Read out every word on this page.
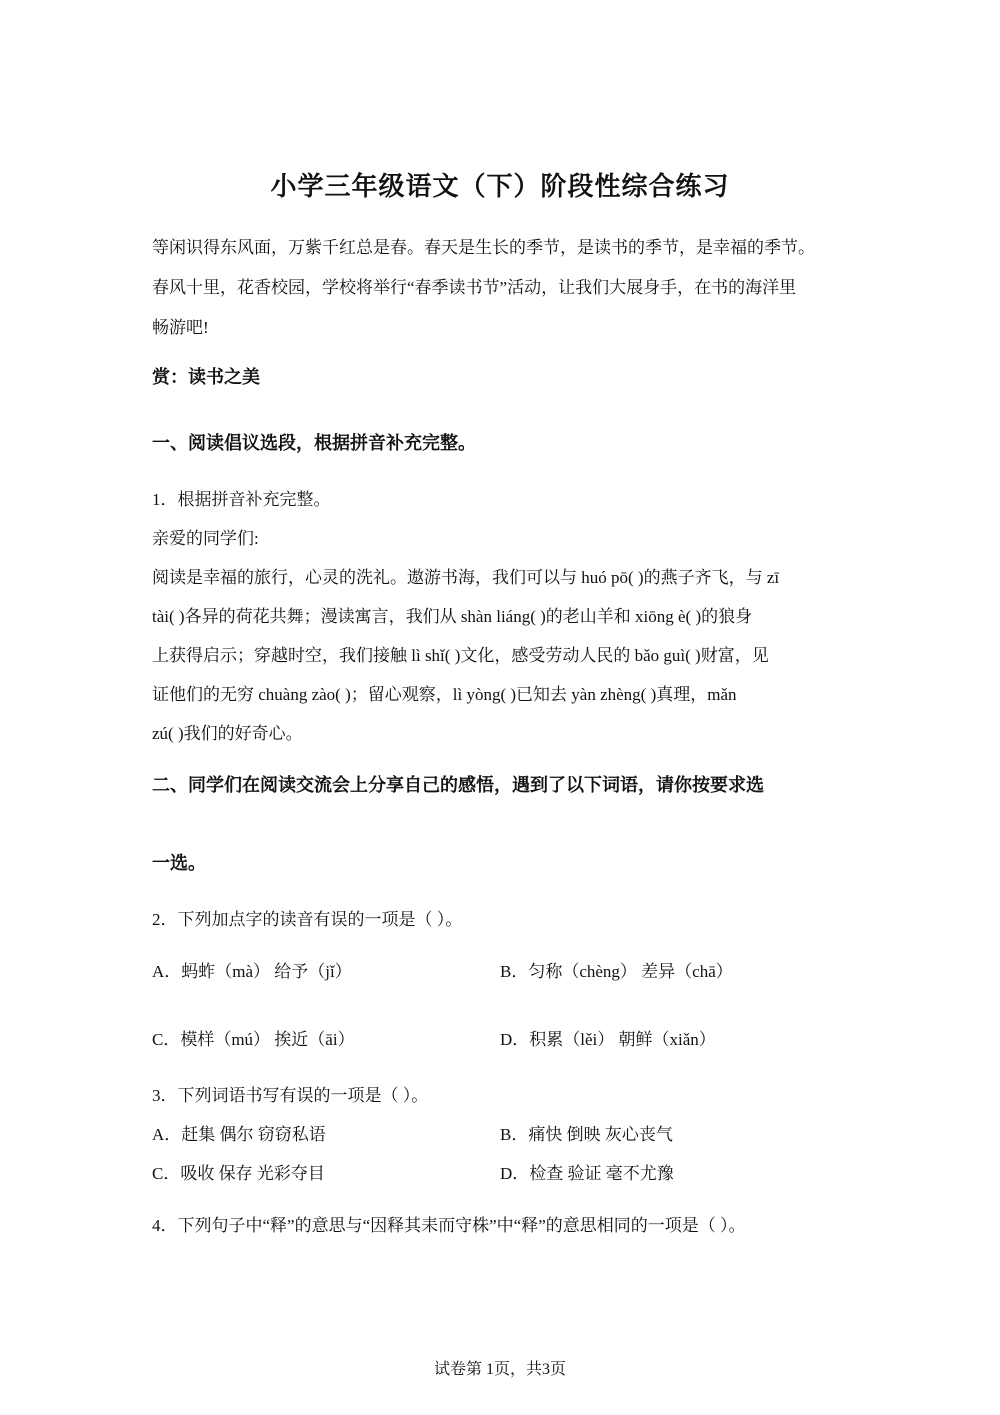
小学三年级语文（下）阶段性综合练习
等闲识得东风面，万紫千红总是春。春天是生长的季节，是读书的季节，是幸福的季节。
春风十里，花香校园，学校将举行“春季读书节”活动，让我们大展身手，在书的海洋里
畅游吧!
赏：读书之美
一、阅读倡议选段，根据拼音补充完整。
1．根据拼音补充完整。
亲爱的同学们:
阅读是幸福的旅行，心灵的洗礼。遨游书海，我们可以与 huó pō( )的燕子齐飞，与 zī
tài( )各异的荷花共舞；漫读寓言，我们从 shàn liáng( )的老山羊和 xiōng è( )的狼身
上获得启示；穿越时空，我们接触 lì shǐ( )文化，感受劳动人民的 bǎo guì( )财富，见
证他们的无穷 chuàng zào( )；留心观察，lì yòng( )已知去 yàn zhèng( )真理，mǎn
zú( )我们的好奇心。
二、同学们在阅读交流会上分享自己的感悟，遇到了以下词语，请你按要求选
一选。
2．下列加点字的读音有误的一项是（ ）。
A．蚂蚱（mà） 给予（jǐ）	B．匀称（chèng） 差异（chā）
C．模样（mú） 挨近（āi）	D．积累（lěi） 朝鲜（xiǎn）
3．下列词语书写有误的一项是（ ）。
A．赶集 偶尔 窃窃私语	B．痛快 倒映 灰心丧气
C．吸收 保存 光彩夺目	D．检查 验证 毫不尤豫
4．下列句子中“释”的意思与“因释其耒而守株”中“释”的意思相同的一项是（ ）。
试卷第 1页，共3页
